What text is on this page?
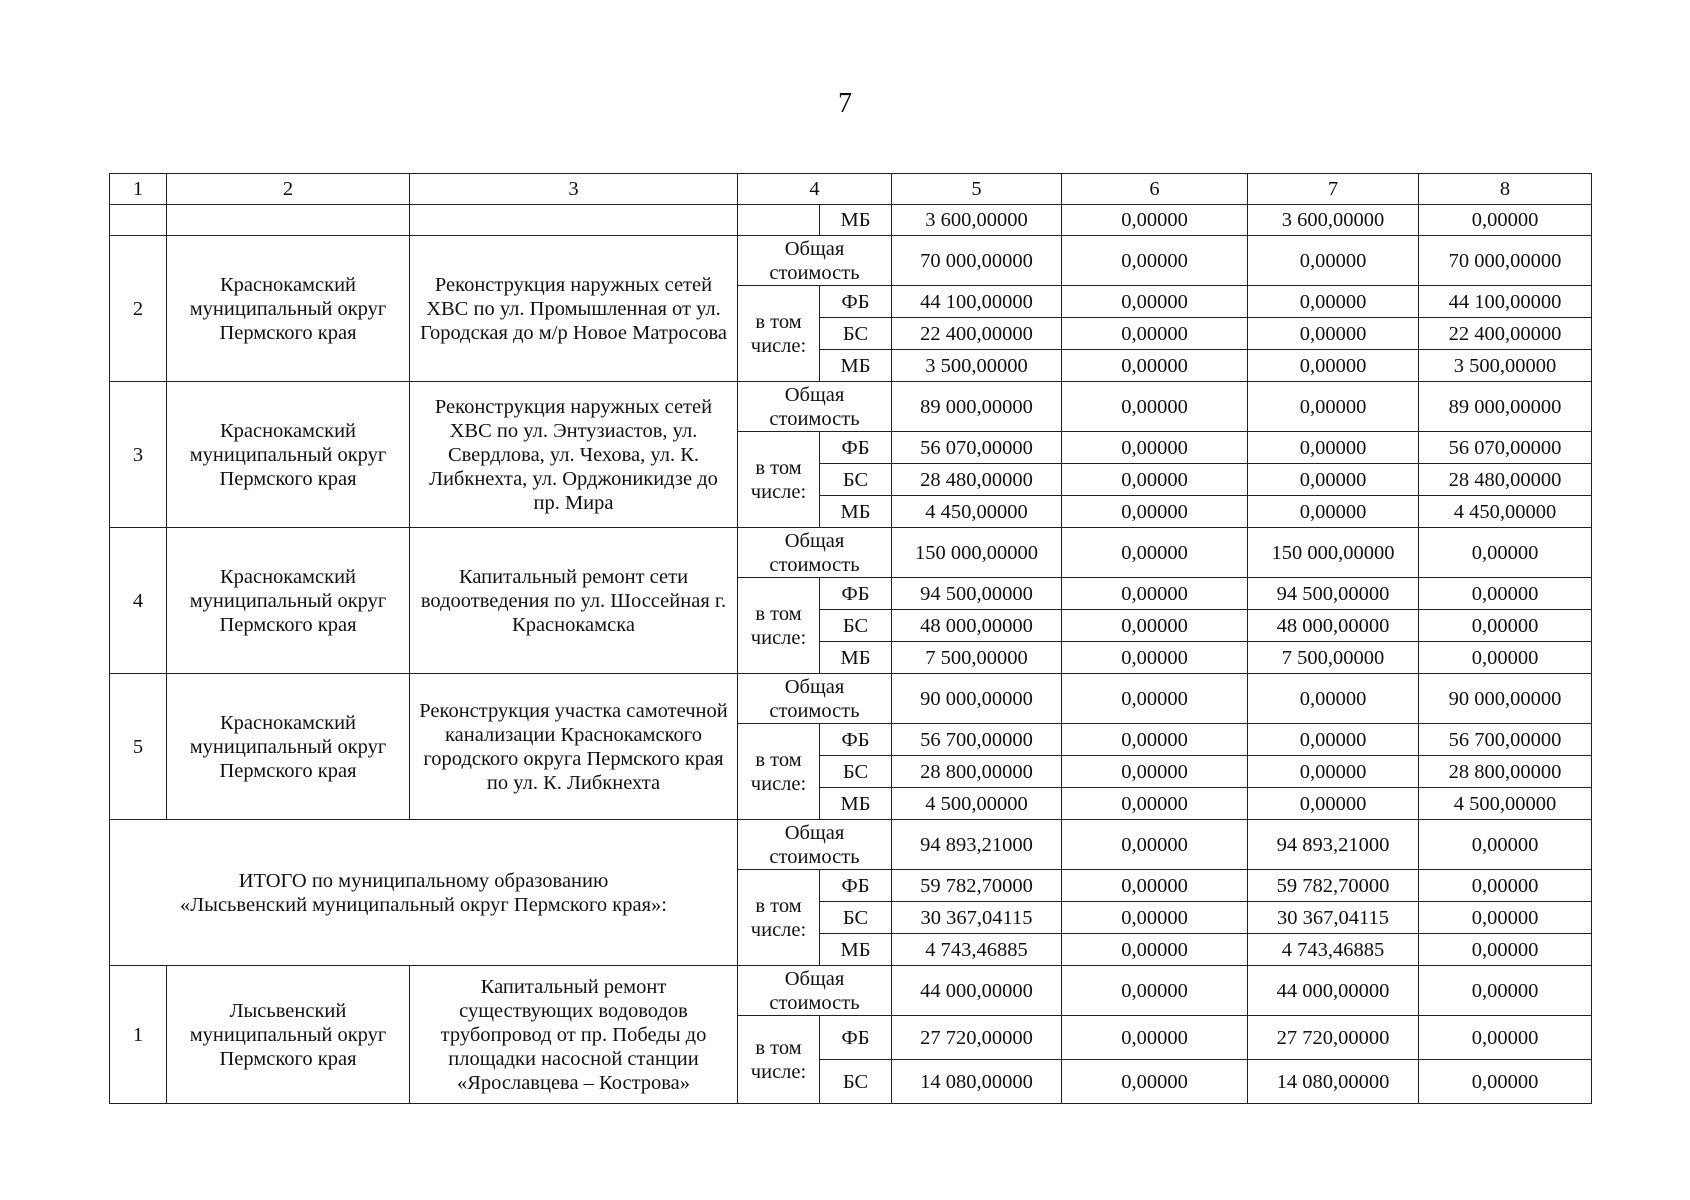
7
1	2	3	4		5	6	7	8
				МБ	3 600,00000	0,00000	3 600,00000	0,00000
2	Краснокамский муниципальный округ Пермского края	Реконструкция наружных сетей ХВС по ул. Промышленная от ул. Городская до м/р Новое Матросова	Общая стоимость		70 000,00000	0,00000	0,00000	70 000,00000
			в том числе:	ФБ	44 100,00000	0,00000	0,00000	44 100,00000
				БС	22 400,00000	0,00000	0,00000	22 400,00000
				МБ	3 500,00000	0,00000	0,00000	3 500,00000
3	Краснокамский муниципальный округ Пермского края	Реконструкция наружных сетей ХВС по ул. Энтузиастов, ул. Свердлова, ул. Чехова, ул. К. Либкнехта, ул. Орджоникидзе до пр. Мира	Общая стоимость		89 000,00000	0,00000	0,00000	89 000,00000
			в том числе:	ФБ	56 070,00000	0,00000	0,00000	56 070,00000
				БС	28 480,00000	0,00000	0,00000	28 480,00000
				МБ	4 450,00000	0,00000	0,00000	4 450,00000
4	Краснокамский муниципальный округ Пермского края	Капитальный ремонт сети водоотведения по ул. Шоссейная г. Краснокамска	Общая стоимость		150 000,00000	0,00000	150 000,00000	0,00000
			в том числе:	ФБ	94 500,00000	0,00000	94 500,00000	0,00000
				БС	48 000,00000	0,00000	48 000,00000	0,00000
				МБ	7 500,00000	0,00000	7 500,00000	0,00000
5	Краснокамский муниципальный округ Пермского края	Реконструкция участка самотечной канализации Краснокамского городского округа Пермского края по ул. К. Либкнехта	Общая стоимость		90 000,00000	0,00000	0,00000	90 000,00000
			в том числе:	ФБ	56 700,00000	0,00000	0,00000	56 700,00000
				БС	28 800,00000	0,00000	0,00000	28 800,00000
				МБ	4 500,00000	0,00000	0,00000	4 500,00000

ИТОГО по муниципальному образованию
«Лысьвенский муниципальный округ Пермского края»:			Общая стоимость		94 893,21000	0,00000	94 893,21000	0,00000
			в том числе:	ФБ	59 782,70000	0,00000	59 782,70000	0,00000
				БС	30 367,04115	0,00000	30 367,04115	0,00000
				МБ	4 743,46885	0,00000	4 743,46885	0,00000
1	Лысьвенский муниципальный округ Пермского края	Капитальный ремонт существующих водоводов трубопровод от пр. Победы до площадки насосной станции «Ярославцева – Кострова»	Общая стоимость		44 000,00000	0,00000	44 000,00000	0,00000
			в том числе:	ФБ	27 720,00000	0,00000	27 720,00000	0,00000
				БС	14 080,00000	0,00000	14 080,00000	0,00000
